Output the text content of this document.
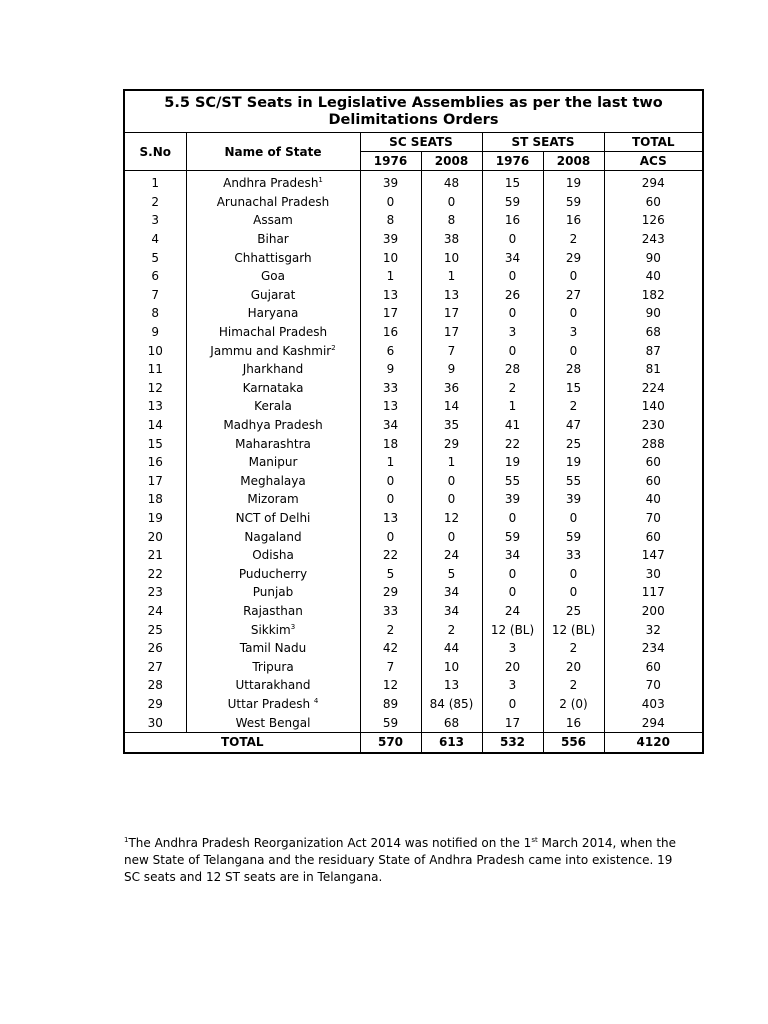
5.5 SC/ST Seats in Legislative Assemblies as per the last two Delimitations Orders
S.No	Name of State	SC SEATS		ST SEATS		TOTAL
		1976	2008	1976	2008	ACS
1	Andhra Pradesh$^1$	39	48	15	19	294
2	Arunachal Pradesh	0	0	59	59	60
3	Assam	8	8	16	16	126
4	Bihar	39	38	0	2	243
5	Chhattisgarh	10	10	34	29	90
6	Goa	1	1	0	0	40
7	Gujarat	13	13	26	27	182
8	Haryana	17	17	0	0	90
9	Himachal Pradesh	16	17	3	3	68
10	Jammu and Kashmir$^2$	6	7	0	0	87
11	Jharkhand	9	9	28	28	81
12	Karnataka	33	36	2	15	224
13	Kerala	13	14	1	2	140
14	Madhya Pradesh	34	35	41	47	230
15	Maharashtra	18	29	22	25	288
16	Manipur	1	1	19	19	60
17	Meghalaya	0	0	55	55	60
18	Mizoram	0	0	39	39	40
19	NCT of Delhi	13	12	0	0	70
20	Nagaland	0	0	59	59	60
21	Odisha	22	24	34	33	147
22	Puducherry	5	5	0	0	30
23	Punjab	29	34	0	0	117
24	Rajasthan	33	34	24	25	200
25	Sikkim$^3$	2	2	12 (BL)	12 (BL)	32
26	Tamil Nadu	42	44	3	2	234
27	Tripura	7	10	20	20	60
28	Uttarakhand	12	13	3	2	70
29	Uttar Pradesh $^4$	89	84 (85)	0	2 (0)	403
30	West Bengal	59	68	17	16	294
TOTAL		570	613	532	556	4120
$^1$The Andhra Pradesh Reorganization Act 2014 was notified on the 1st March 2014, when the new State of Telangana and the residuary State of Andhra Pradesh came into existence. 19 SC seats and 12 ST seats are in Telangana.
